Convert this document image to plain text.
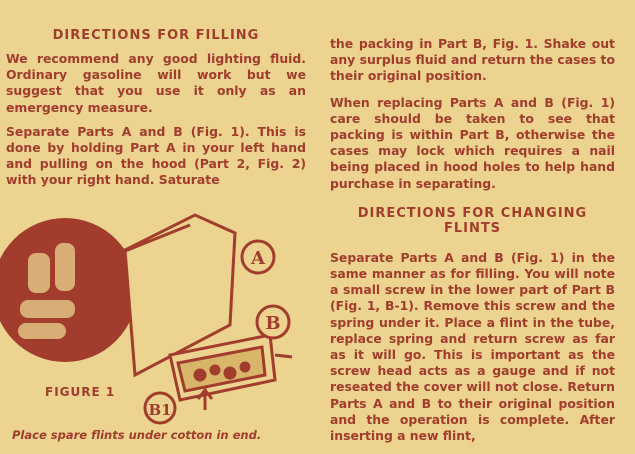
DIRECTIONS FOR FILLING

We recommend any good lighting fluid. Ordinary gasoline will work but we suggest that you use it only as an emergency measure.

Separate Parts A and B (Fig. 1). This is done by holding Part A in your left hand and pulling on the hood (Part 2, Fig. 2) with your right hand. Saturate

A
B
B1
FIGURE 1
Place spare flints under cotton in end.

the packing in Part B, Fig. 1. Shake out any surplus fluid and return the cases to their original position.

When replacing Parts A and B (Fig. 1) care should be taken to see that packing is within Part B, otherwise the cases may lock which requires a nail being placed in hood holes to help hand purchase in separating.

DIRECTIONS FOR CHANGING FLINTS

Separate Parts A and B (Fig. 1) in the same manner as for filling. You will note a small screw in the lower part of Part B (Fig. 1, B-1). Remove this screw and the spring under it. Place a flint in the tube, replace spring and return screw as far as it will go. This is important as the screw head acts as a gauge and if not reseated the cover will not close. Return Parts A and B to their original position and the operation is complete. After inserting a new flint,
